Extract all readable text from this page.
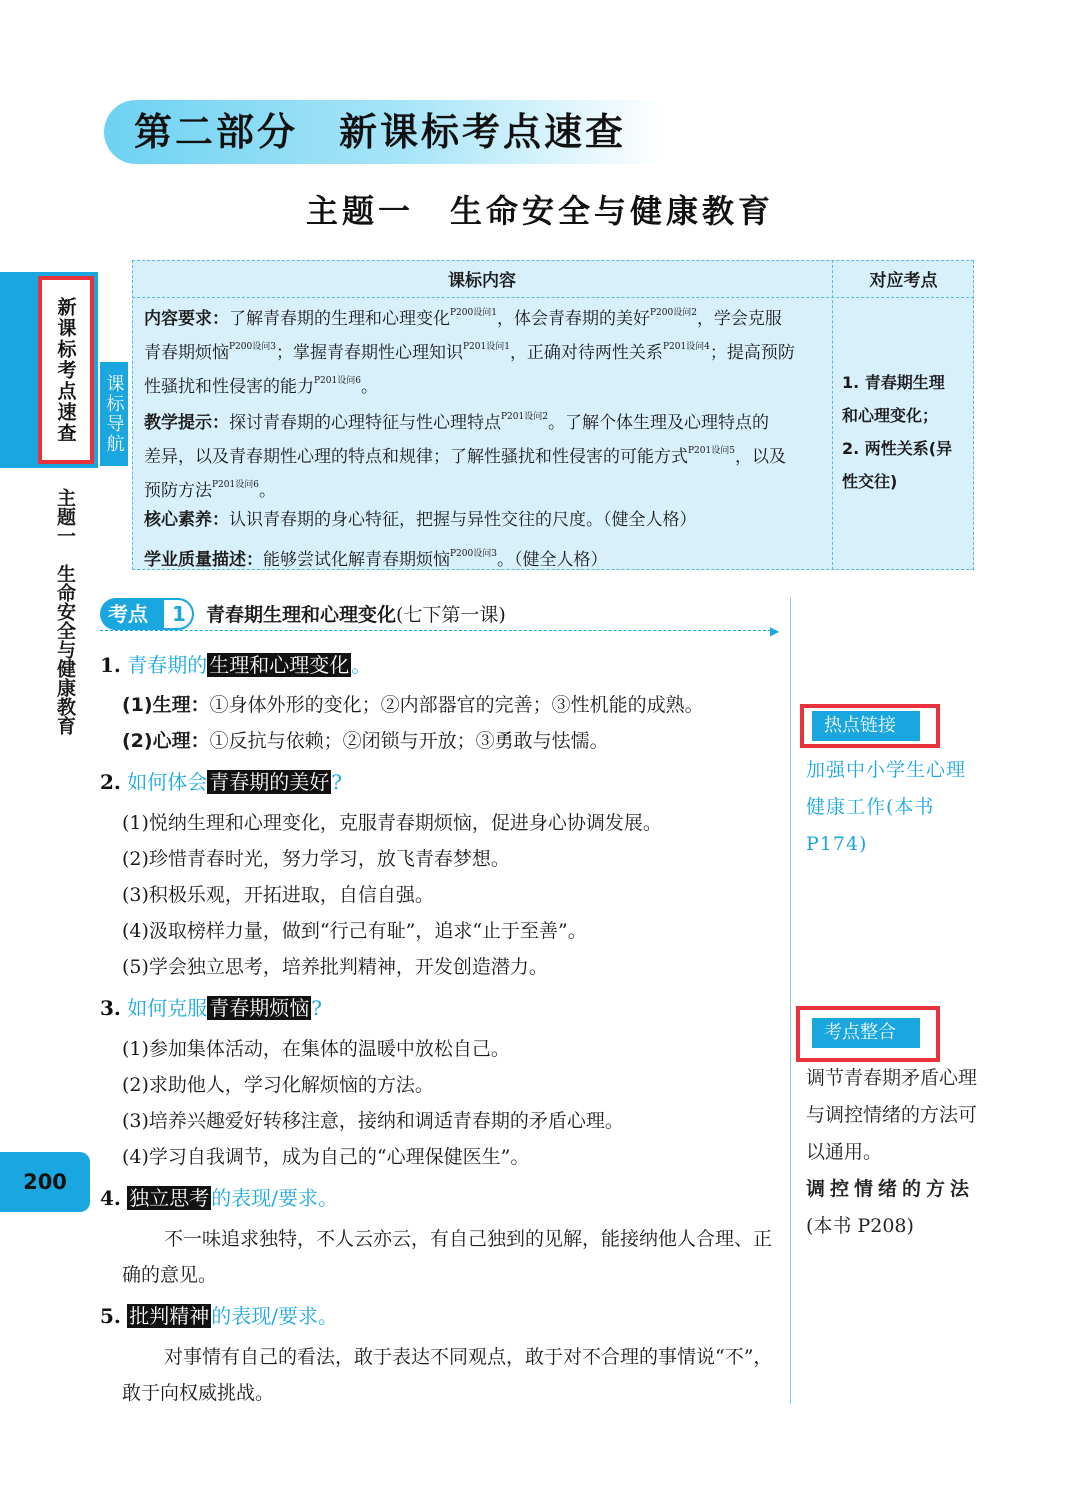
第二部分　新课标考点速查
主题一　生命安全与健康教育
新课标考点速查
主题一　生命安全与健康教育
200
课标内容	对应考点
课标导航
内容要求：了解青春期的生理和心理变化$^{P200设问1}$，体会青春期的美好$^{P200设问2}$，学会克服
青春期烦恼$^{P200设问3}$；掌握青春期性心理知识$^{P201设问1}$，正确对待两性关系$^{P201设问4}$；提高预防
性骚扰和性侵害的能力$^{P201设问6}$。
教学提示：探讨青春期的心理特征与性心理特点$^{P201设问2}$。了解个体生理及心理特点的
差异，以及青春期性心理的特点和规律；了解性骚扰和性侵害的可能方式$^{P201设问5}$，以及
预防方法$^{P201设问6}$。
核心素养：认识青春期的身心特征，把握与异性交往的尺度。（健全人格）
学业质量描述：能够尝试化解青春期烦恼$^{P200设问3}$。（健全人格）
1. 青春期生理
和心理变化；
2. 两性关系(异
性交往)
考点 1 青春期生理和心理变化(七下第一课)
▶
1. 青春期的 生理和心理变化 。
(1)生理：①身体外形的变化；②内部器官的完善；③性机能的成熟。
(2)心理：①反抗与依赖；②闭锁与开放；③勇敢与怯懦。
2. 如何体会 青春期的美好 ?
(1)悦纳生理和心理变化，克服青春期烦恼，促进身心协调发展。
(2)珍惜青春时光，努力学习，放飞青春梦想。
(3)积极乐观，开拓进取，自信自强。
(4)汲取榜样力量，做到“行己有耻”，追求“止于至善”。
(5)学会独立思考，培养批判精神，开发创造潜力。
3. 如何克服 青春期烦恼 ?
(1)参加集体活动，在集体的温暖中放松自己。
(2)求助他人，学习化解烦恼的方法。
(3)培养兴趣爱好转移注意，接纳和调适青春期的矛盾心理。
(4)学习自我调节，成为自己的“心理保健医生”。
4. 独立思考 的表现/要求。
不一味追求独特，不人云亦云，有自己独到的见解，能接纳他人合理、正确的意见。
5. 批判精神 的表现/要求。
对事情有自己的看法，敢于表达不同观点，敢于对不合理的事情说“不”，敢于向权威挑战。
热点链接
加强中小学生心理健康工作(本书P174)
考点整合
调节青春期矛盾心理与调控情绪的方法可以通用。
调控情绪的方法
(本书 P208)
